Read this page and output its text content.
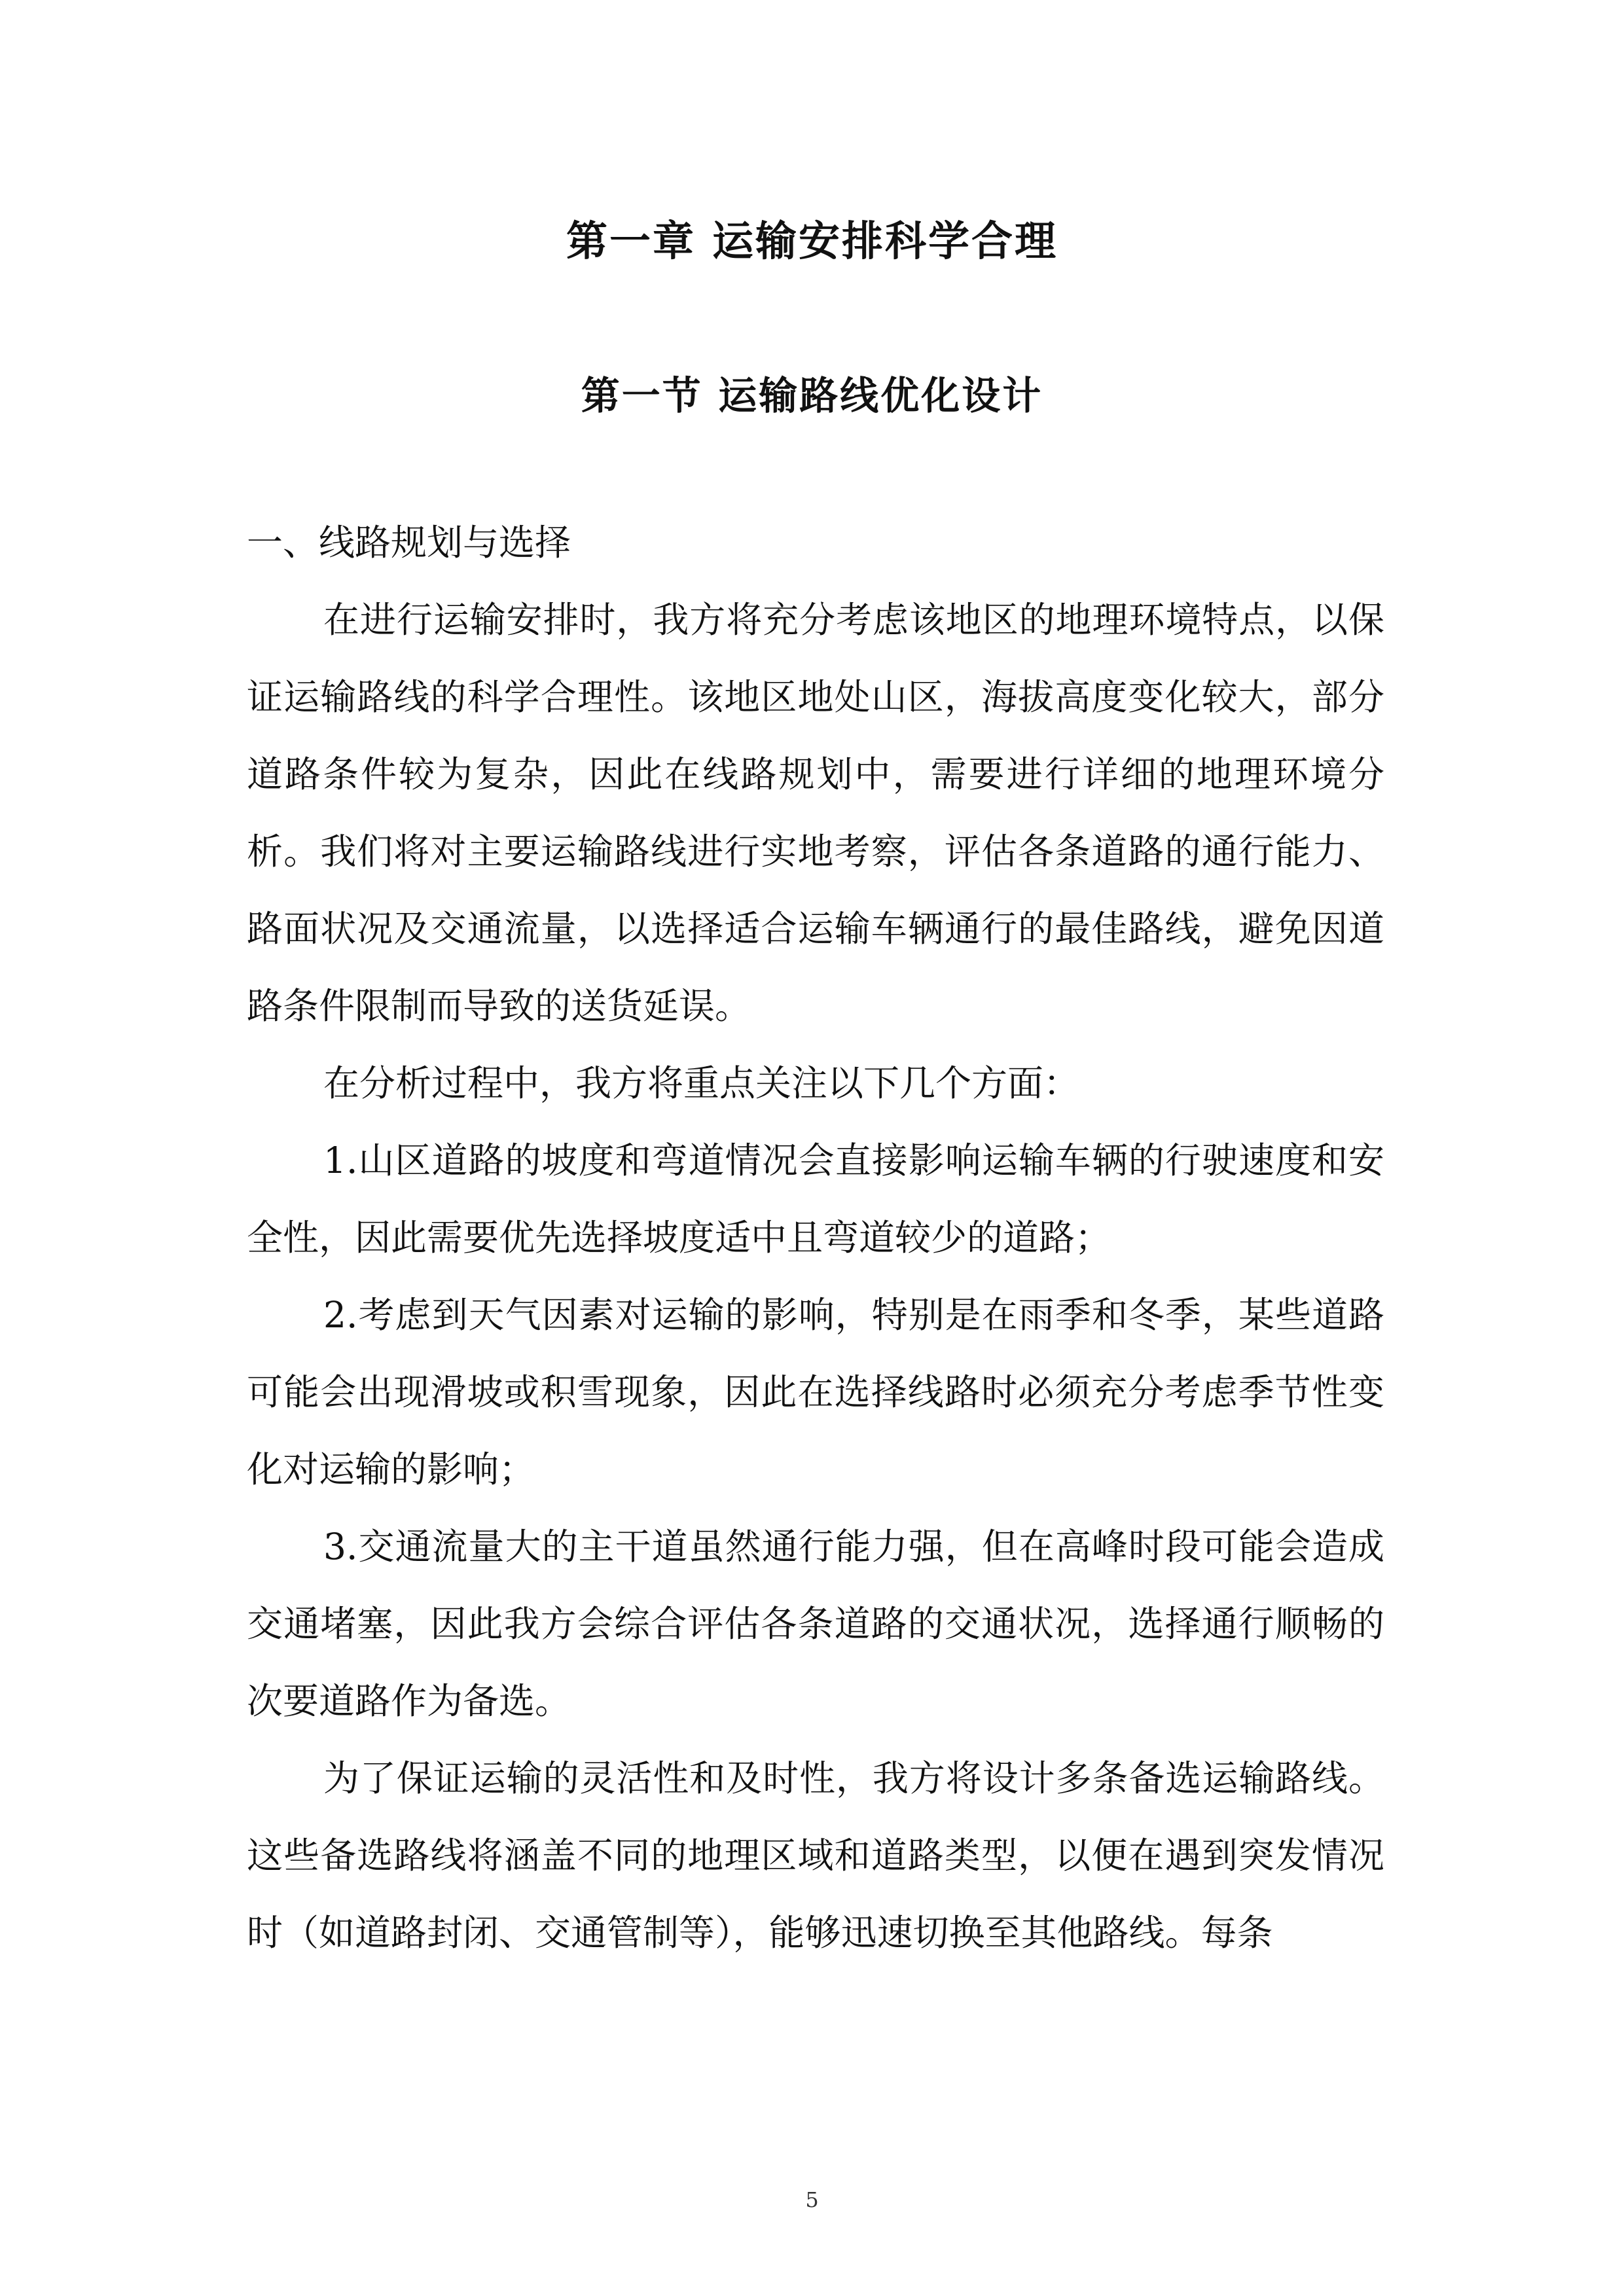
第一章 运输安排科学合理
第一节 运输路线优化设计
一、线路规划与选择

在进行运输安排时，我方将充分考虑该地区的地理环境特点，以保证运输路线的科学合理性。该地区地处山区，海拔高度变化较大，部分道路条件较为复杂，因此在线路规划中，需要进行详细的地理环境分析。我们将对主要运输路线进行实地考察，评估各条道路的通行能力、路面状况及交通流量，以选择适合运输车辆通行的最佳路线，避免因道路条件限制而导致的送货延误。

在分析过程中，我方将重点关注以下几个方面：

1.山区道路的坡度和弯道情况会直接影响运输车辆的行驶速度和安全性，因此需要优先选择坡度适中且弯道较少的道路；

2.考虑到天气因素对运输的影响，特别是在雨季和冬季，某些道路可能会出现滑坡或积雪现象，因此在选择线路时必须充分考虑季节性变化对运输的影响；

3.交通流量大的主干道虽然通行能力强，但在高峰时段可能会造成交通堵塞，因此我方会综合评估各条道路的交通状况，选择通行顺畅的次要道路作为备选。

为了保证运输的灵活性和及时性，我方将设计多条备选运输路线。这些备选路线将涵盖不同的地理区域和道路类型，以便在遇到突发情况时（如道路封闭、交通管制等），能够迅速切换至其他路线。每条

5
